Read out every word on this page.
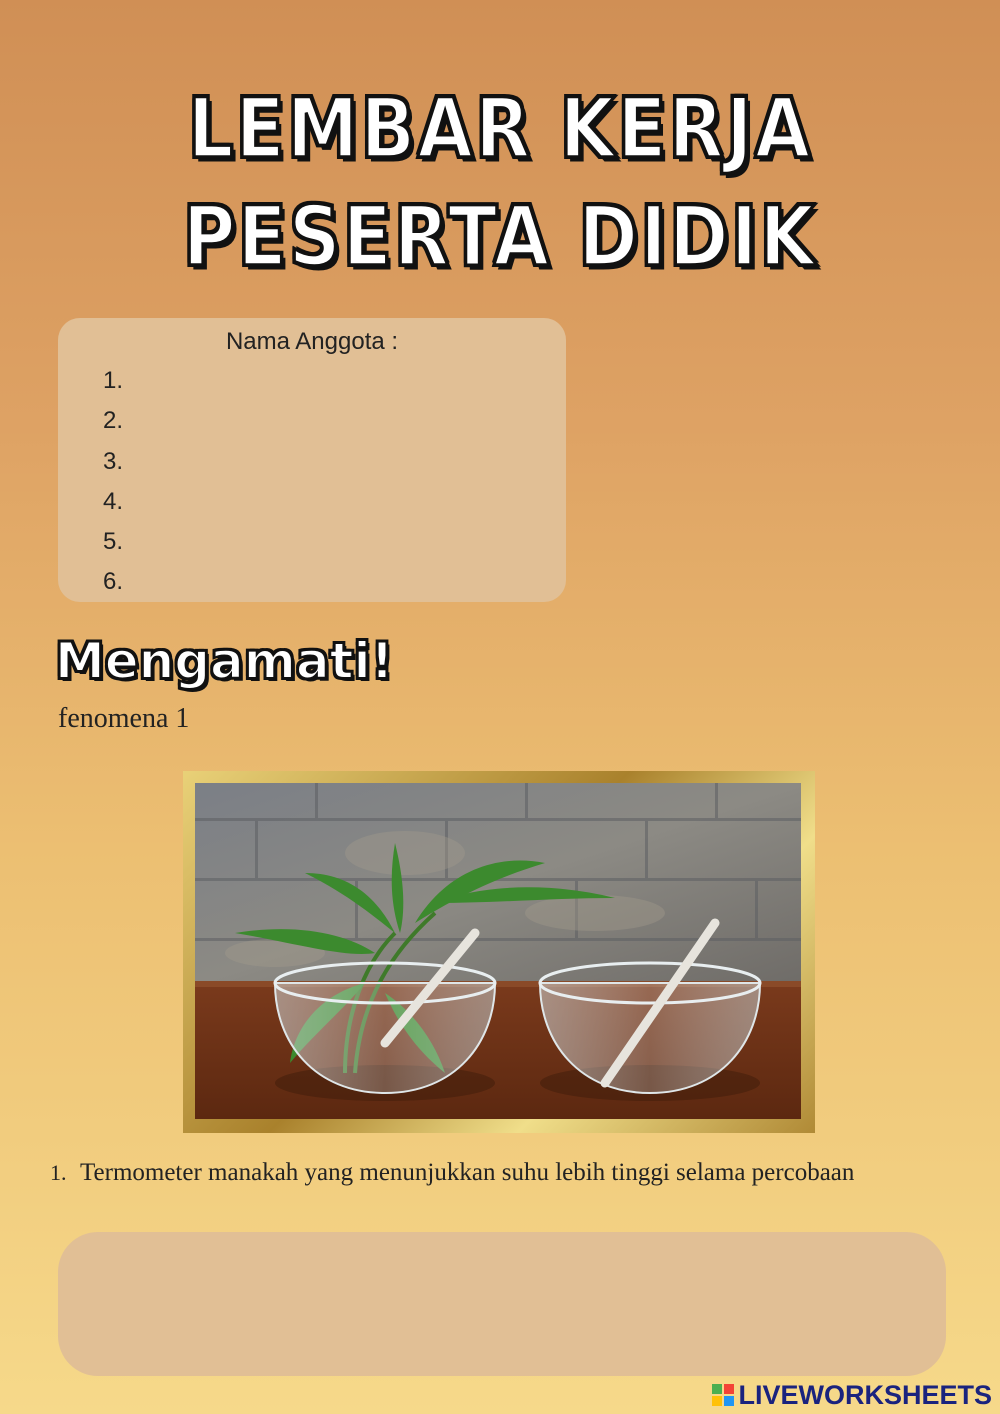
LEMBAR KERJA
PESERTA DIDIK
Nama Anggota :
1.
2.
3.
4.
5.
6.
Mengamati!
fenomena 1
1. Termometer manakah yang menunjukkan suhu lebih tinggi selama percobaan
LIVEWORKSHEETS
